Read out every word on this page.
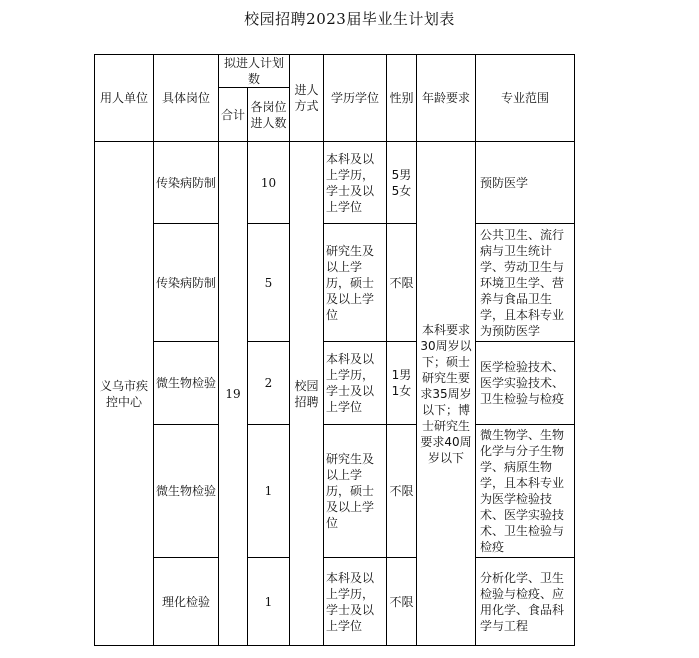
校园招聘2023届毕业生计划表
用人单位	具体岗位	拟进人计划数		进人方式	学历学位	性别	年龄要求	专业范围
		合计	各岗位进人数					
义乌市疾控中心	传染病防制	19	10	校园招聘	本科及以上学历，学士及以上学位	5男5女	本科要求30周岁以下；硕士研究生要求35周岁以下；博士研究生要求40周岁以下	预防医学
	传染病防制		5		研究生及以上学历，硕士及以上学位	不限		公共卫生、流行病与卫生统计学、劳动卫生与环境卫生学、营养与食品卫生学，且本科专业为预防医学
	微生物检验		2		本科及以上学历，学士及以上学位	1男1女		医学检验技术、医学实验技术、卫生检验与检疫
	微生物检验		1		研究生及以上学历，硕士及以上学位	不限		微生物学、生物化学与分子生物学、病原生物学，且本科专业为医学检验技术、医学实验技术、卫生检验与检疫
	理化检验		1		本科及以上学历，学士及以上学位	不限		分析化学、卫生检验与检疫、应用化学、食品科学与工程
